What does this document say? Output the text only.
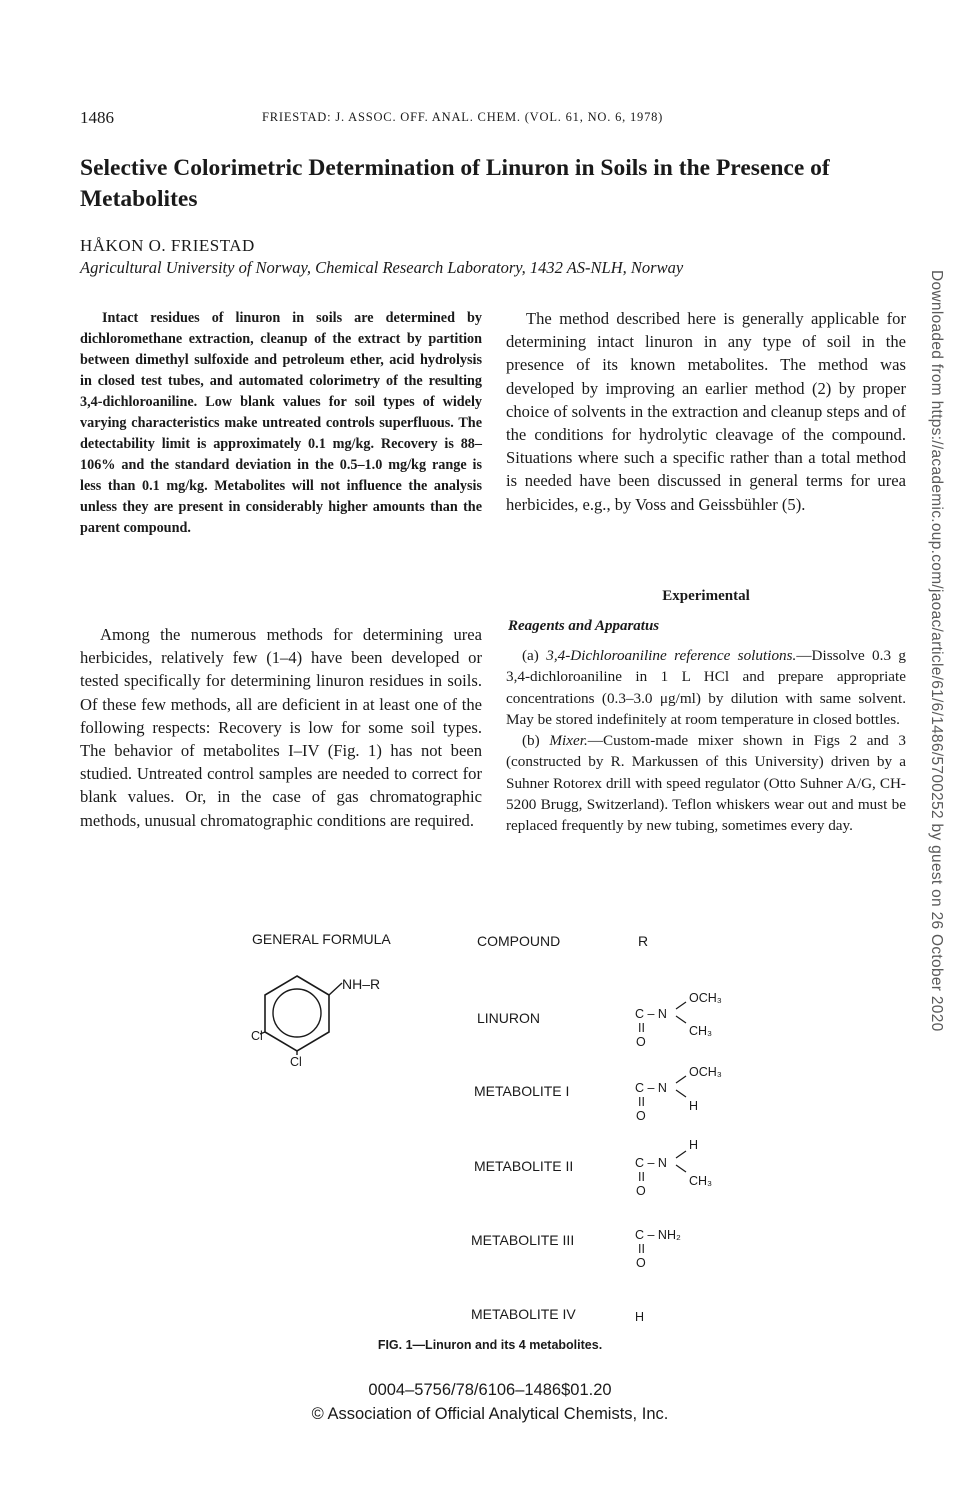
1486	FRIESTAD: J. ASSOC. OFF. ANAL. CHEM. (VOL. 61, NO. 6, 1978)
Selective Colorimetric Determination of Linuron in Soils in the Presence of Metabolites
HÅKON O. FRIESTAD
Agricultural University of Norway, Chemical Research Laboratory, 1432 AS-NLH, Norway

Intact residues of linuron in soils are determined by dichloromethane extraction, cleanup of the extract by partition between dimethyl sulfoxide and petroleum ether, acid hydrolysis in closed test tubes, and automated colorimetry of the resulting 3,4-dichloroaniline. Low blank values for soil types of widely varying characteristics make untreated controls superfluous. The detectability limit is approximately 0.1 mg/kg. Recovery is 88–106% and the standard deviation in the 0.5–1.0 mg/kg range is less than 0.1 mg/kg. Metabolites will not influence the analysis unless they are present in considerably higher amounts than the parent compound.

Among the numerous methods for determining urea herbicides, relatively few (1–4) have been developed or tested specifically for determining linuron residues in soils. Of these few methods, all are deficient in at least one of the following respects: Recovery is low for some soil types. The behavior of metabolites I–IV (Fig. 1) has not been studied. Untreated control samples are needed to correct for blank values. Or, in the case of gas chromatographic methods, unusual chromatographic conditions are required.

The method described here is generally applicable for determining intact linuron in any type of soil in the presence of its known metabolites. The method was developed by improving an earlier method (2) by proper choice of solvents in the extraction and cleanup steps and of the conditions for hydrolytic cleavage of the compound. Situations where such a specific rather than a total method is needed have been discussed in general terms for urea herbicides, e.g., by Voss and Geissbühler (5).

Experimental
Reagents and Apparatus

(a) 3,4-Dichloroaniline reference solutions.—Dissolve 0.3 g 3,4-dichloroaniline in 1 L HCl and prepare appropriate concentrations (0.3–3.0 μg/ml) by dilution with same solvent. May be stored indefinitely at room temperature in closed bottles.

(b) Mixer.—Custom-made mixer shown in Figs 2 and 3 (constructed by R. Markussen of this University) driven by a Suhner Rotorex drill with speed regulator (Otto Suhner A/G, CH-5200 Brugg, Switzerland). Teflon whiskers wear out and must be replaced frequently by new tubing, sometimes every day.	Downloaded from https://academic.oup.com/jaoac/article/61/6/1486/5700252 by guest on 26 October 2020
GENERAL FORMULA	COMPOUND	R
NH–R
Cl
Cl
LINURON	C – N
II
O
OCH₃
CH₃
METABOLITE I	C – N
II
O
OCH₃
H
METABOLITE II	C – N
II
O
H
CH₃
METABOLITE III	C – NH₂
II
O
METABOLITE IV	H
FIG. 1—Linuron and its 4 metabolites.
0004–5756/78/6106–1486$01.20
© Association of Official Analytical Chemists, Inc.
